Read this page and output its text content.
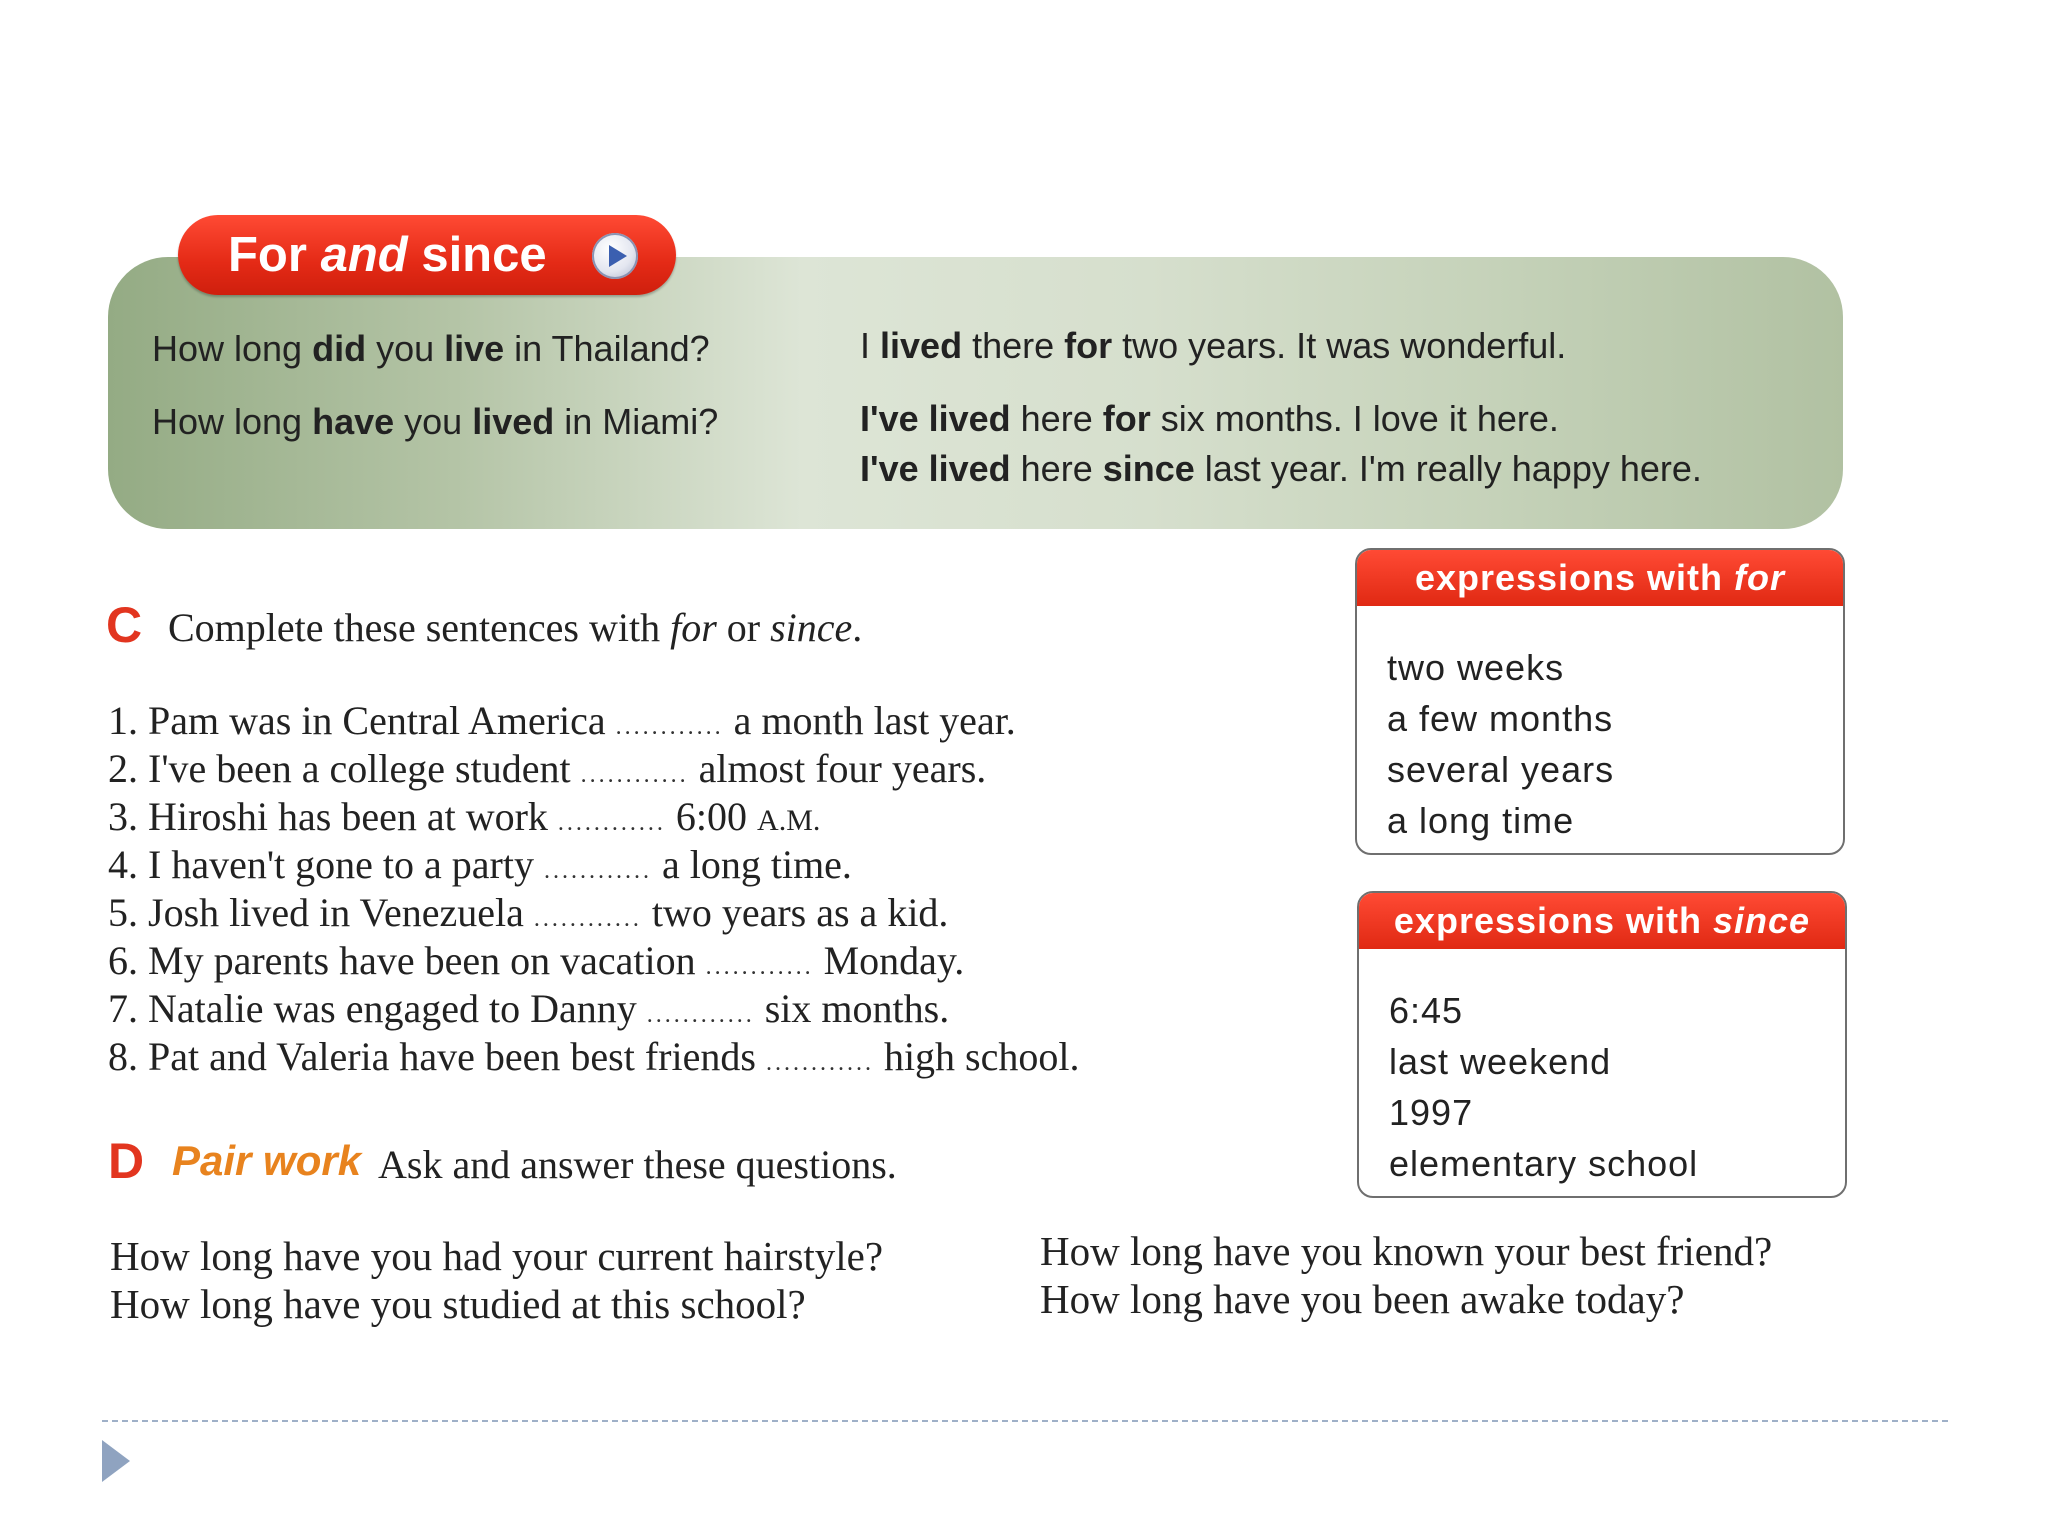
For and since
How long did you live in Thailand?
How long have you lived in Miami?
I lived there for two years. It was wonderful.
I've lived here for six months. I love it here.
I've lived here since last year. I'm really happy here.
C Complete these sentences with for or since.
1. Pam was in Central America ............ a month last year.
2. I've been a college student ............ almost four years.
3. Hiroshi has been at work ............ 6:00 A.M.
4. I haven't gone to a party ............ a long time.
5. Josh lived in Venezuela ............ two years as a kid.
6. My parents have been on vacation ............ Monday.
7. Natalie was engaged to Danny ............ six months.
8. Pat and Valeria have been best friends ............ high school.
expressions with for
two weeks
a few months
several years
a long time
expressions with since
6:45
last weekend
1997
elementary school
D Pair work Ask and answer these questions.
How long have you had your current hairstyle?
How long have you studied at this school?
How long have you known your best friend?
How long have you been awake today?
